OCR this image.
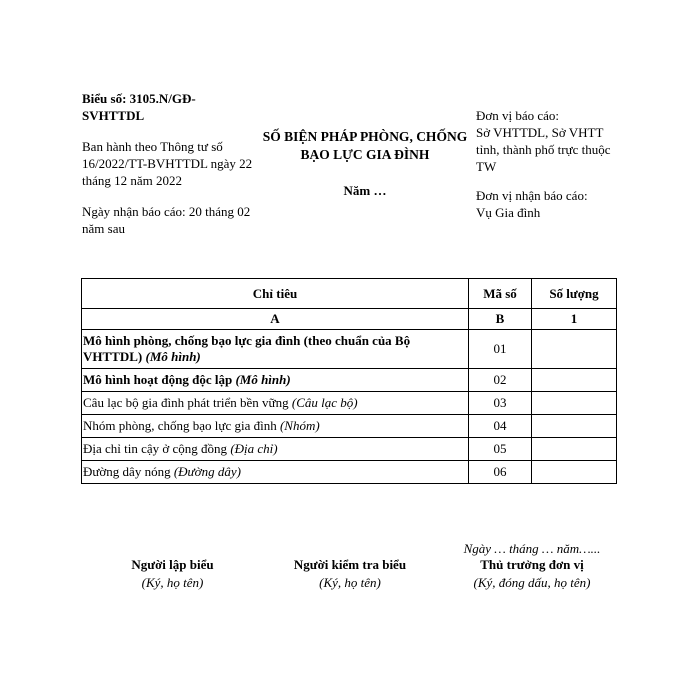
Biểu số: 3105.N/GĐ-SVHTTDL

Ban hành theo Thông tư số 16/2022/TT-BVHTTDL ngày 22 tháng 12 năm 2022

Ngày nhận báo cáo: 20 tháng 02 năm sau

SỐ BIỆN PHÁP PHÒNG, CHỐNG BẠO LỰC GIA ĐÌNH
Năm …

Đơn vị báo cáo:
Sở VHTTDL, Sở VHTT tỉnh, thành phố trực thuộc TW

Đơn vị nhận báo cáo:
Vụ Gia đình

Chỉ tiêu	Mã số	Số lượng
A	B	1
Mô hình phòng, chống bạo lực gia đình (theo chuẩn của Bộ VHTTDL) (Mô hình)	01	
Mô hình hoạt động độc lập (Mô hình)	02	
Câu lạc bộ gia đình phát triển bền vững (Câu lạc bộ)	03	
Nhóm phòng, chống bạo lực gia đình (Nhóm)	04	
Địa chỉ tin cậy ở cộng đồng (Địa chỉ)	05	
Đường dây nóng (Đường dây)	06	
Ngày … tháng … năm…...
Người lập biểu
(Ký, họ tên)
Người kiểm tra biểu
(Ký, họ tên)
Thủ trưởng đơn vị
(Ký, đóng dấu, họ tên)
